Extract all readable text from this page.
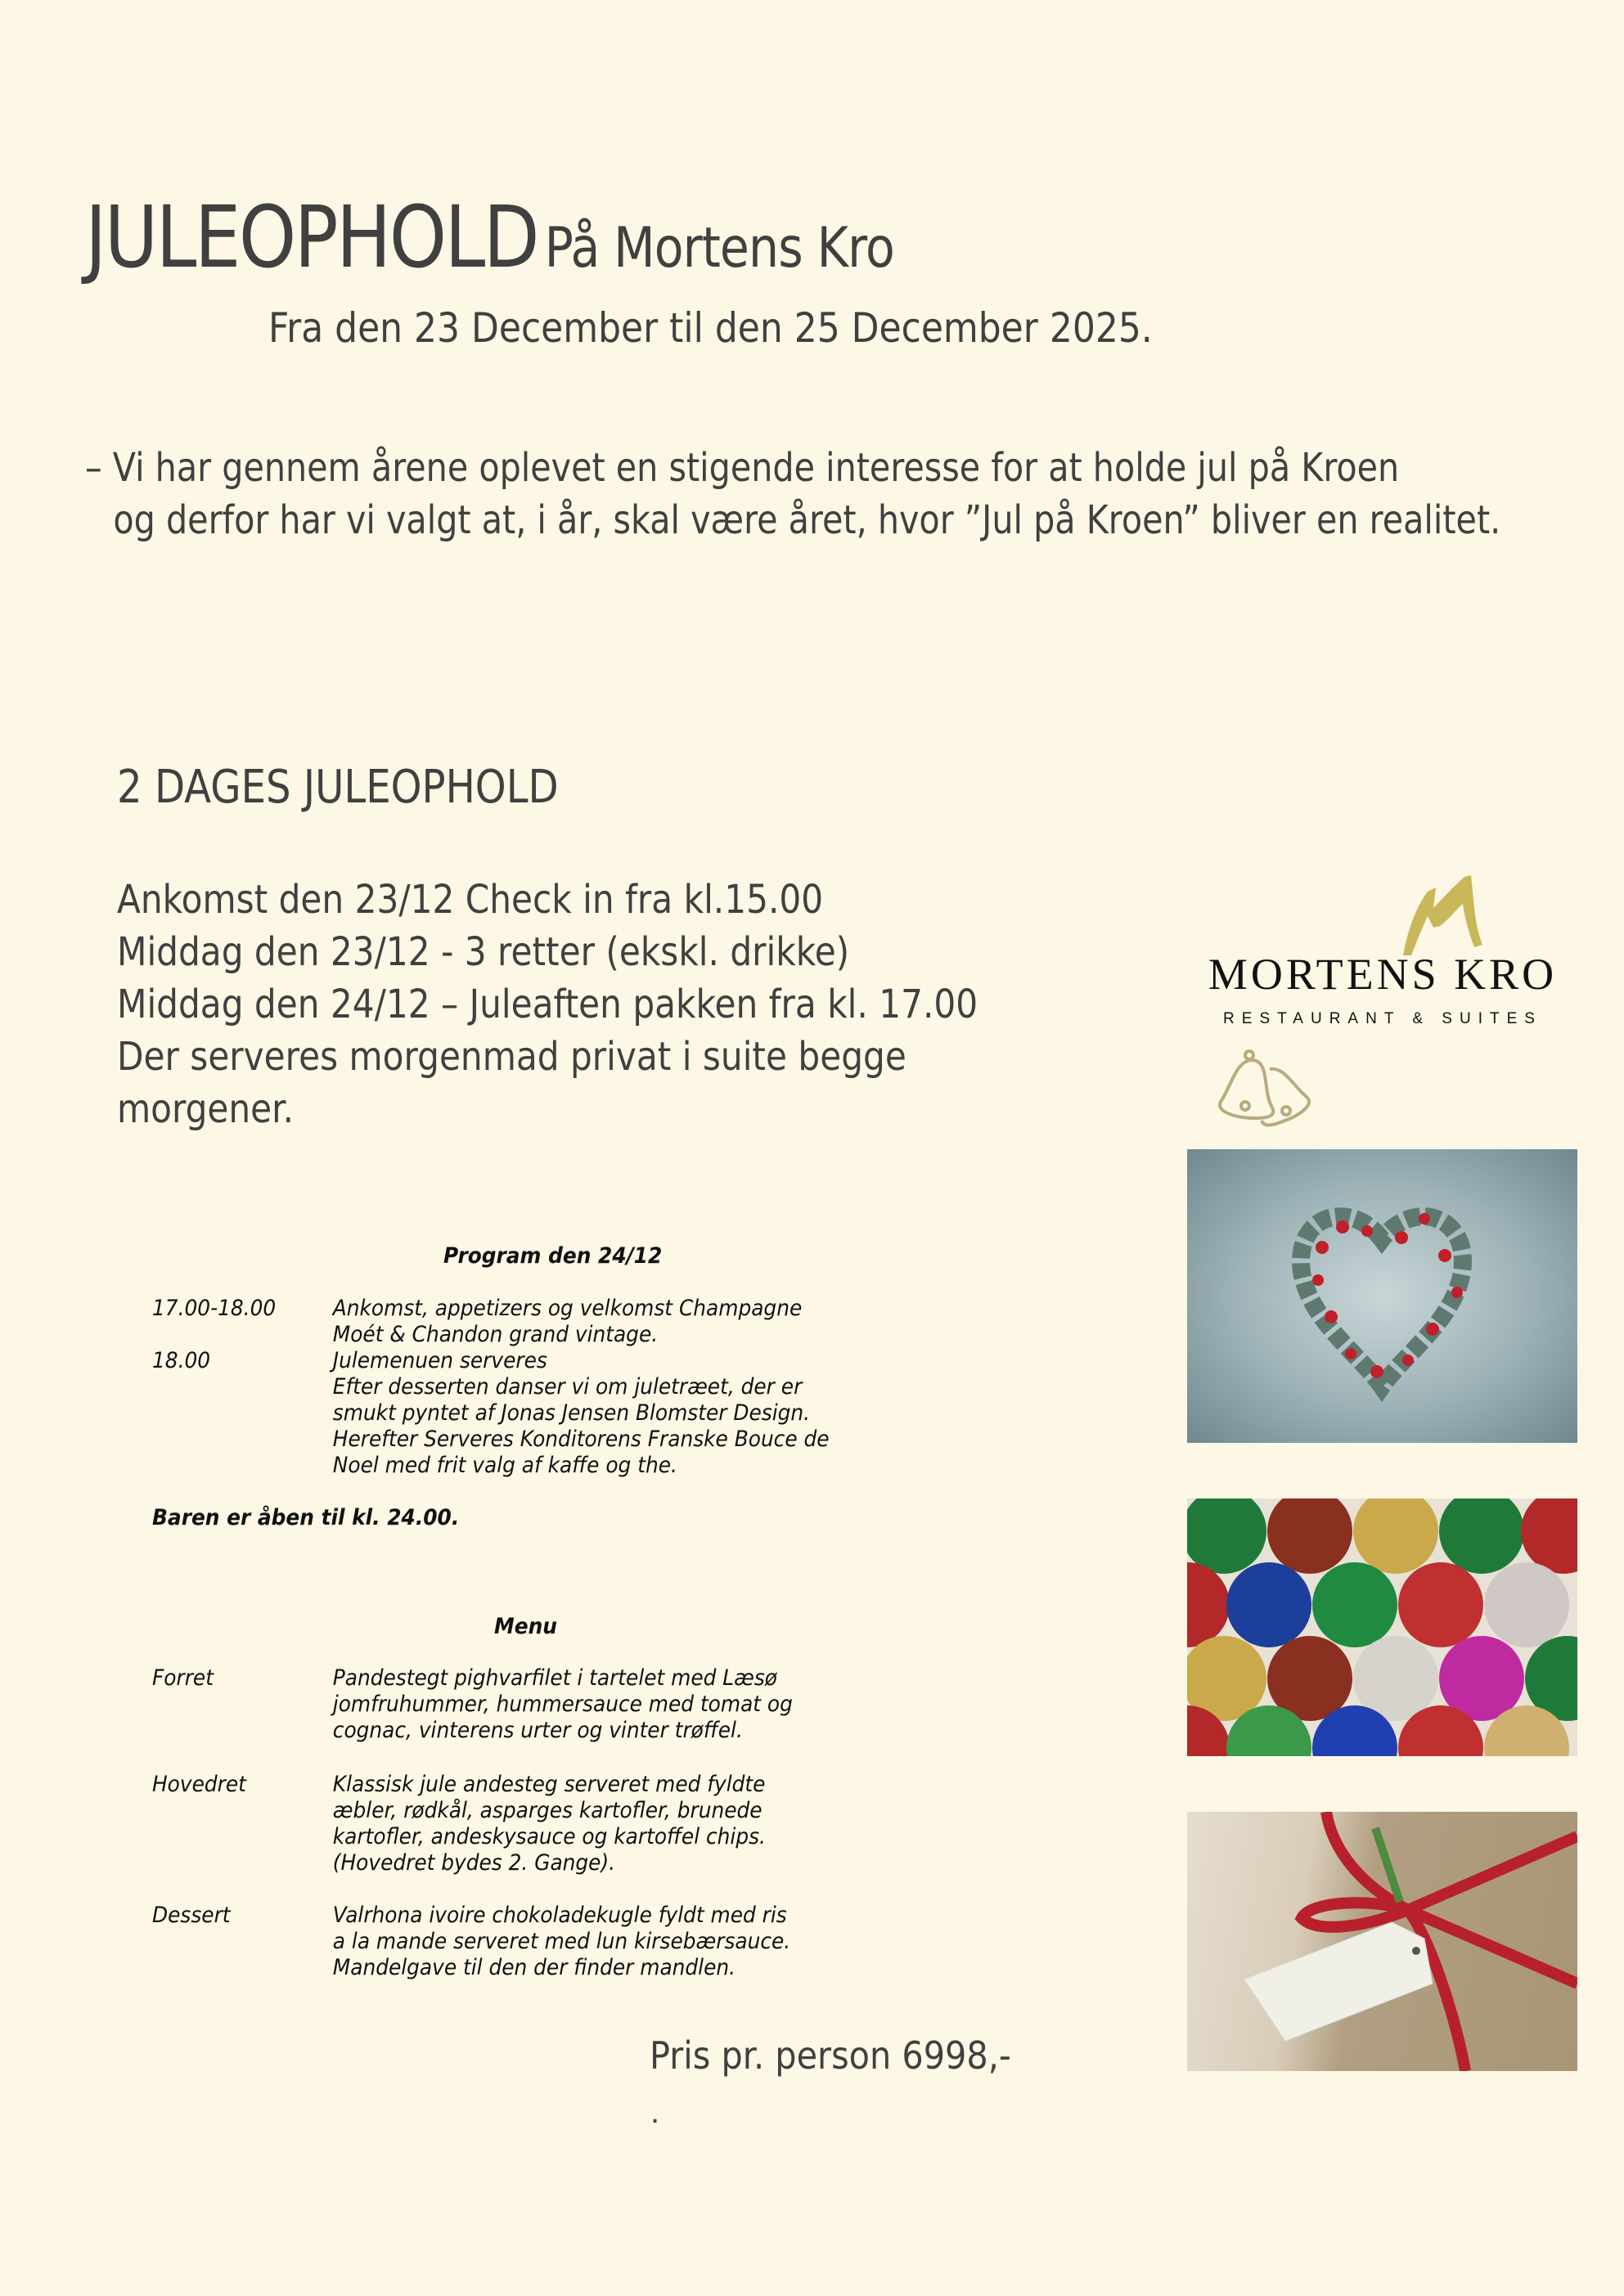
JULEOPHOLD På Mortens Kro
Fra den 23 December til den 25 December 2025.
– Vi har gennem årene oplevet en stigende interesse for at holde jul på Kroen
og derfor har vi valgt at, i år, skal være året, hvor ”Jul på Kroen” bliver en realitet.
2 DAGES JULEOPHOLD
Ankomst den 23/12 Check in fra kl.15.00
Middag den 23/12 - 3 retter (ekskl. drikke)
Middag den 24/12 – Juleaften pakken fra kl. 17.00
Der serveres morgenmad privat i suite begge
morgener.
Program den 24/12
17.00-18.00	Ankomst, appetizers og velkomst Champagne
Moét & Chandon grand vintage.
18.00	Julemenuen serveres
Efter desserten danser vi om juletræet, der er
smukt pyntet af Jonas Jensen Blomster Design.
Herefter Serveres Konditorens Franske Bouce de
Noel med frit valg af kaffe og the.
Baren er åben til kl. 24.00.
Menu
Forret	Pandestegt pighvarfilet i tartelet med Læsø
jomfruhummer, hummersauce med tomat og
cognac, vinterens urter og vinter trøffel.
Hovedret	Klassisk jule andesteg serveret med fyldte
æbler, rødkål, asparges kartofler, brunede
kartofler, andeskysauce og kartoffel chips.
(Hovedret bydes 2. Gange).
Dessert	Valrhona ivoire chokoladekugle fyldt med ris
a la mande serveret med lun kirsebærsauce.
Mandelgave til den der finder mandlen.
Pris pr. person 6998,-
.
MORTENS KRO
RESTAURANT & SUITES
